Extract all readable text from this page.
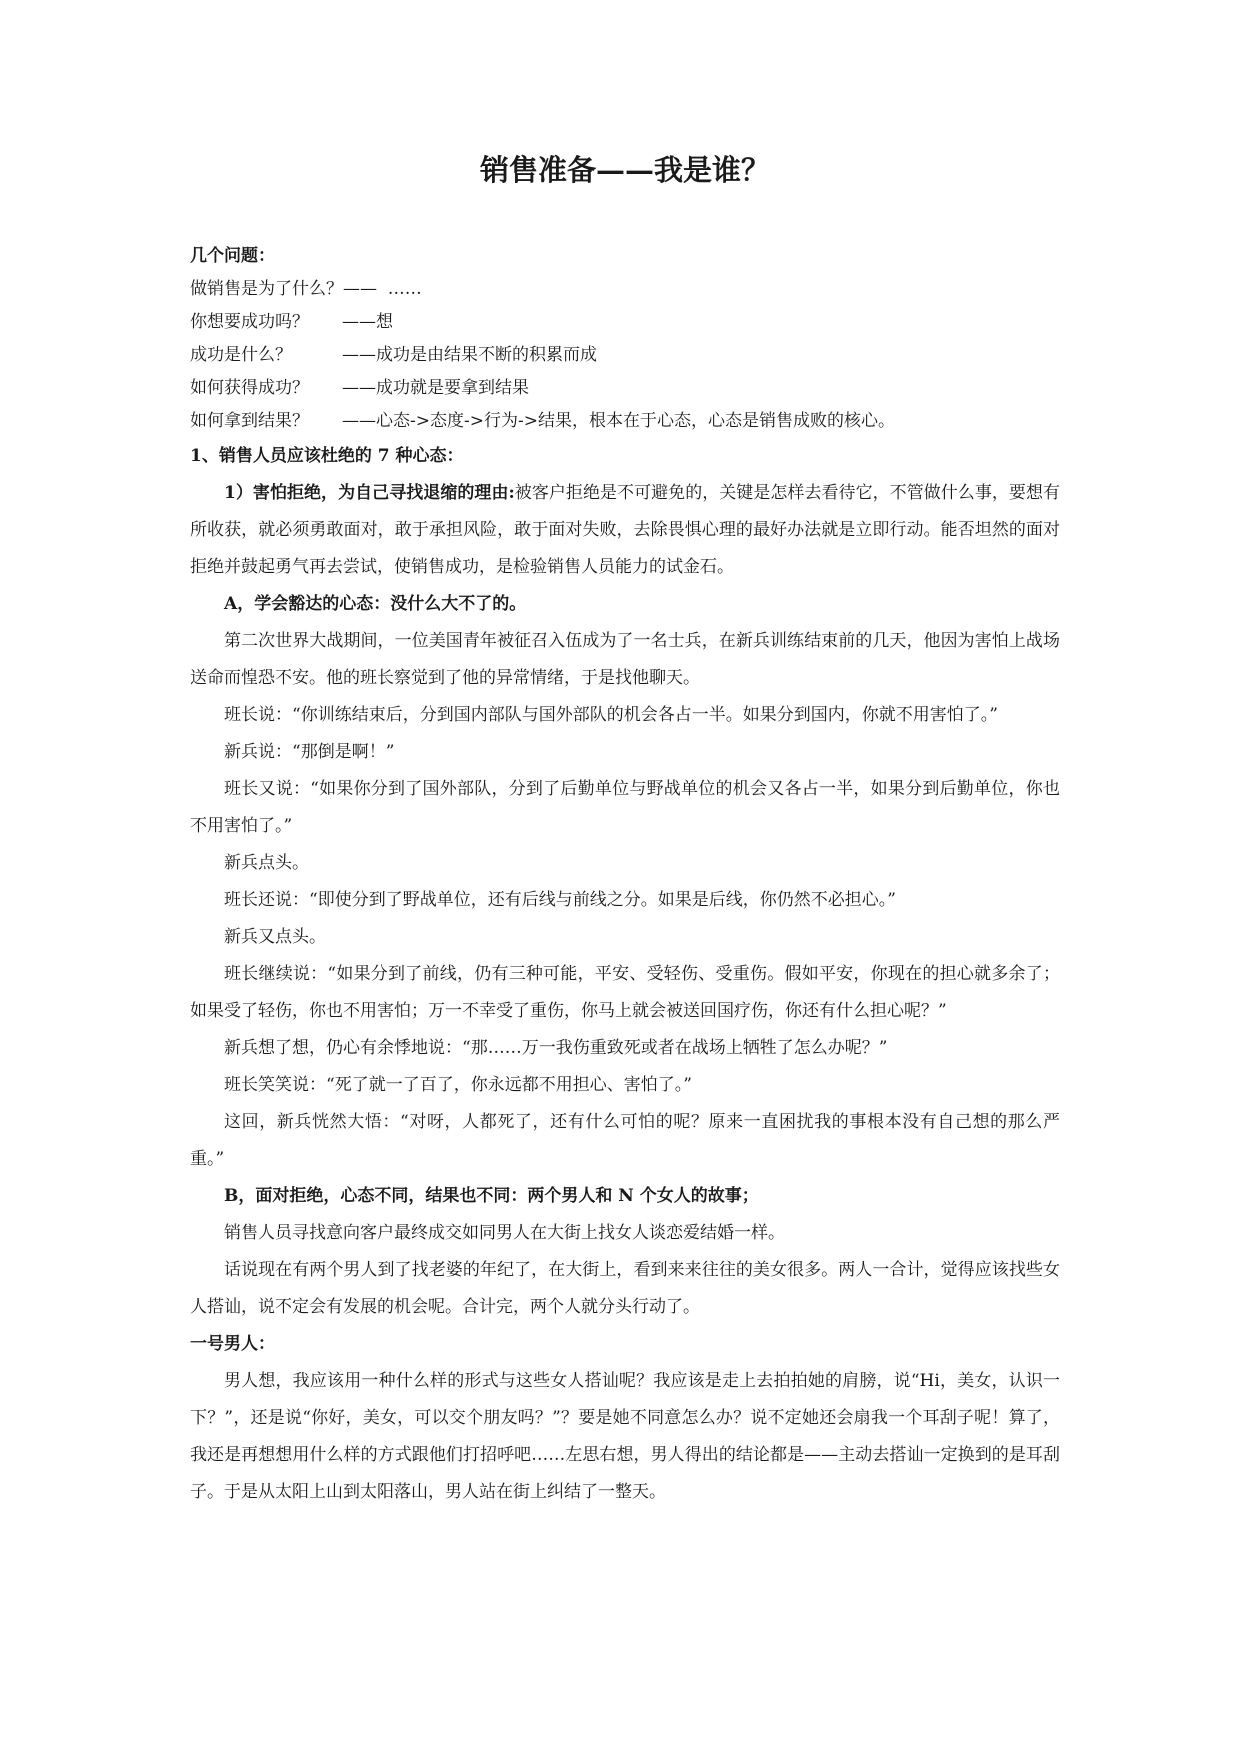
销售准备——我是谁？

几个问题：

做销售是为了什么？——  ……

你想要成功吗？ ——想

成功是什么？	——成功是由结果不断的积累而成

如何获得成功？ ——成功就是要拿到结果

如何拿到结果？ ——心态->态度->行为->结果，根本在于心态，心态是销售成败的核心。

1、销售人员应该杜绝的 7 种心态：

1）害怕拒绝，为自己寻找退缩的理由:被客户拒绝是不可避免的，关键是怎样去看待它，不管做什么事，要想有所收获，就必须勇敢面对，敢于承担风险，敢于面对失败，去除畏惧心理的最好办法就是立即行动。能否坦然的面对拒绝并鼓起勇气再去尝试，使销售成功，是检验销售人员能力的试金石。

A，学会豁达的心态：没什么大不了的。

第二次世界大战期间，一位美国青年被征召入伍成为了一名士兵，在新兵训练结束前的几天，他因为害怕上战场送命而惶恐不安。他的班长察觉到了他的异常情绪，于是找他聊天。

班长说：“你训练结束后，分到国内部队与国外部队的机会各占一半。如果分到国内，你就不用害怕了。”

新兵说：“那倒是啊！”

班长又说：“如果你分到了国外部队，分到了后勤单位与野战单位的机会又各占一半，如果分到后勤单位，你也不用害怕了。”

新兵点头。

班长还说：“即使分到了野战单位，还有后线与前线之分。如果是后线，你仍然不必担心。”

新兵又点头。

班长继续说：“如果分到了前线，仍有三种可能，平安、受轻伤、受重伤。假如平安，你现在的担心就多余了；如果受了轻伤，你也不用害怕；万一不幸受了重伤，你马上就会被送回国疗伤，你还有什么担心呢？”

新兵想了想，仍心有余悸地说：“那……万一我伤重致死或者在战场上牺牲了怎么办呢？”

班长笑笑说：“死了就一了百了，你永远都不用担心、害怕了。”

这回，新兵恍然大悟：“对呀，人都死了，还有什么可怕的呢？原来一直困扰我的事根本没有自己想的那么严重。”

B，面对拒绝，心态不同，结果也不同：两个男人和 N 个女人的故事；

销售人员寻找意向客户最终成交如同男人在大街上找女人谈恋爱结婚一样。

话说现在有两个男人到了找老婆的年纪了，在大街上，看到来来往往的美女很多。两人一合计，觉得应该找些女人搭讪，说不定会有发展的机会呢。合计完，两个人就分头行动了。

一号男人：

男人想，我应该用一种什么样的形式与这些女人搭讪呢？我应该是走上去拍拍她的肩膀，说“Hi，美女，认识一下？”，还是说“你好，美女，可以交个朋友吗？”？要是她不同意怎么办？说不定她还会扇我一个耳刮子呢！算了，我还是再想想用什么样的方式跟他们打招呼吧……左思右想，男人得出的结论都是——主动去搭讪一定换到的是耳刮子。于是从太阳上山到太阳落山，男人站在街上纠结了一整天。
